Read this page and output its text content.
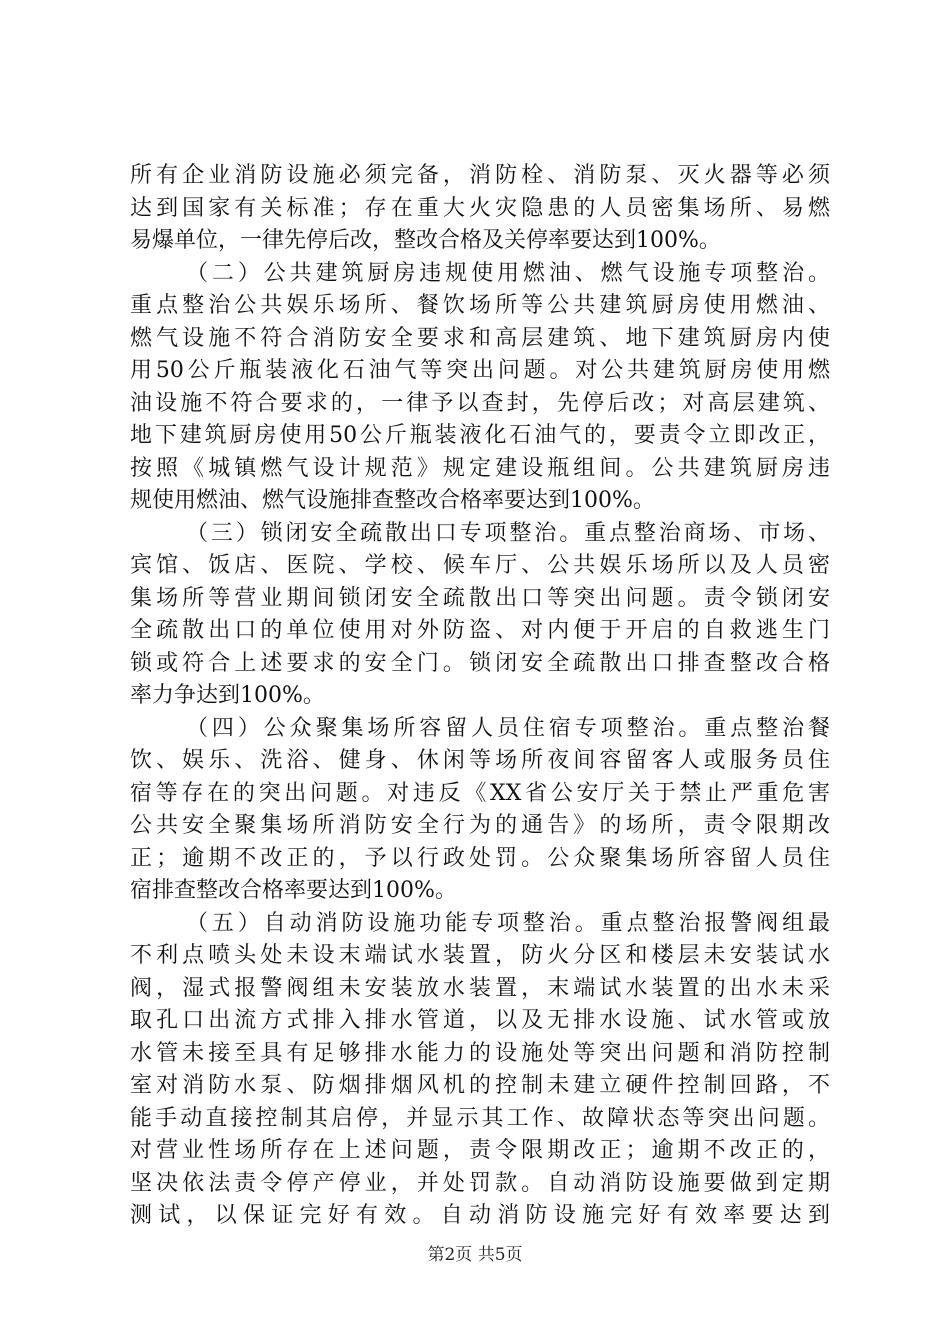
所有企业消防设施必须完备，消防栓、消防泵、灭火器等必须
达到国家有关标准；存在重大火灾隐患的人员密集场所、易燃
易爆单位，一律先停后改，整改合格及关停率要达到100%。
（二）公共建筑厨房违规使用燃油、燃气设施专项整治。
重点整治公共娱乐场所、餐饮场所等公共建筑厨房使用燃油、
燃气设施不符合消防安全要求和高层建筑、地下建筑厨房内使
用50公斤瓶装液化石油气等突出问题。对公共建筑厨房使用燃
油设施不符合要求的，一律予以查封，先停后改；对高层建筑、
地下建筑厨房使用50公斤瓶装液化石油气的，要责令立即改正，
按照《城镇燃气设计规范》规定建设瓶组间。公共建筑厨房违
规使用燃油、燃气设施排查整改合格率要达到100%。
（三）锁闭安全疏散出口专项整治。重点整治商场、市场、
宾馆、饭店、医院、学校、候车厅、公共娱乐场所以及人员密
集场所等营业期间锁闭安全疏散出口等突出问题。责令锁闭安
全疏散出口的单位使用对外防盗、对内便于开启的自救逃生门
锁或符合上述要求的安全门。锁闭安全疏散出口排查整改合格
率力争达到100%。
（四）公众聚集场所容留人员住宿专项整治。重点整治餐
饮、娱乐、洗浴、健身、休闲等场所夜间容留客人或服务员住
宿等存在的突出问题。对违反《XX省公安厅关于禁止严重危害
公共安全聚集场所消防安全行为的通告》的场所，责令限期改
正；逾期不改正的，予以行政处罚。公众聚集场所容留人员住
宿排查整改合格率要达到100%。
（五）自动消防设施功能专项整治。重点整治报警阀组最
不利点喷头处未设末端试水装置，防火分区和楼层未安装试水
阀，湿式报警阀组未安装放水装置，末端试水装置的出水未采
取孔口出流方式排入排水管道，以及无排水设施、试水管或放
水管未接至具有足够排水能力的设施处等突出问题和消防控制
室对消防水泵、防烟排烟风机的控制未建立硬件控制回路，不
能手动直接控制其启停，并显示其工作、故障状态等突出问题。
对营业性场所存在上述问题，责令限期改正；逾期不改正的，
坚决依法责令停产停业，并处罚款。自动消防设施要做到定期
测试，以保证完好有效。自动消防设施完好有效率要达到
第2页 共5页
